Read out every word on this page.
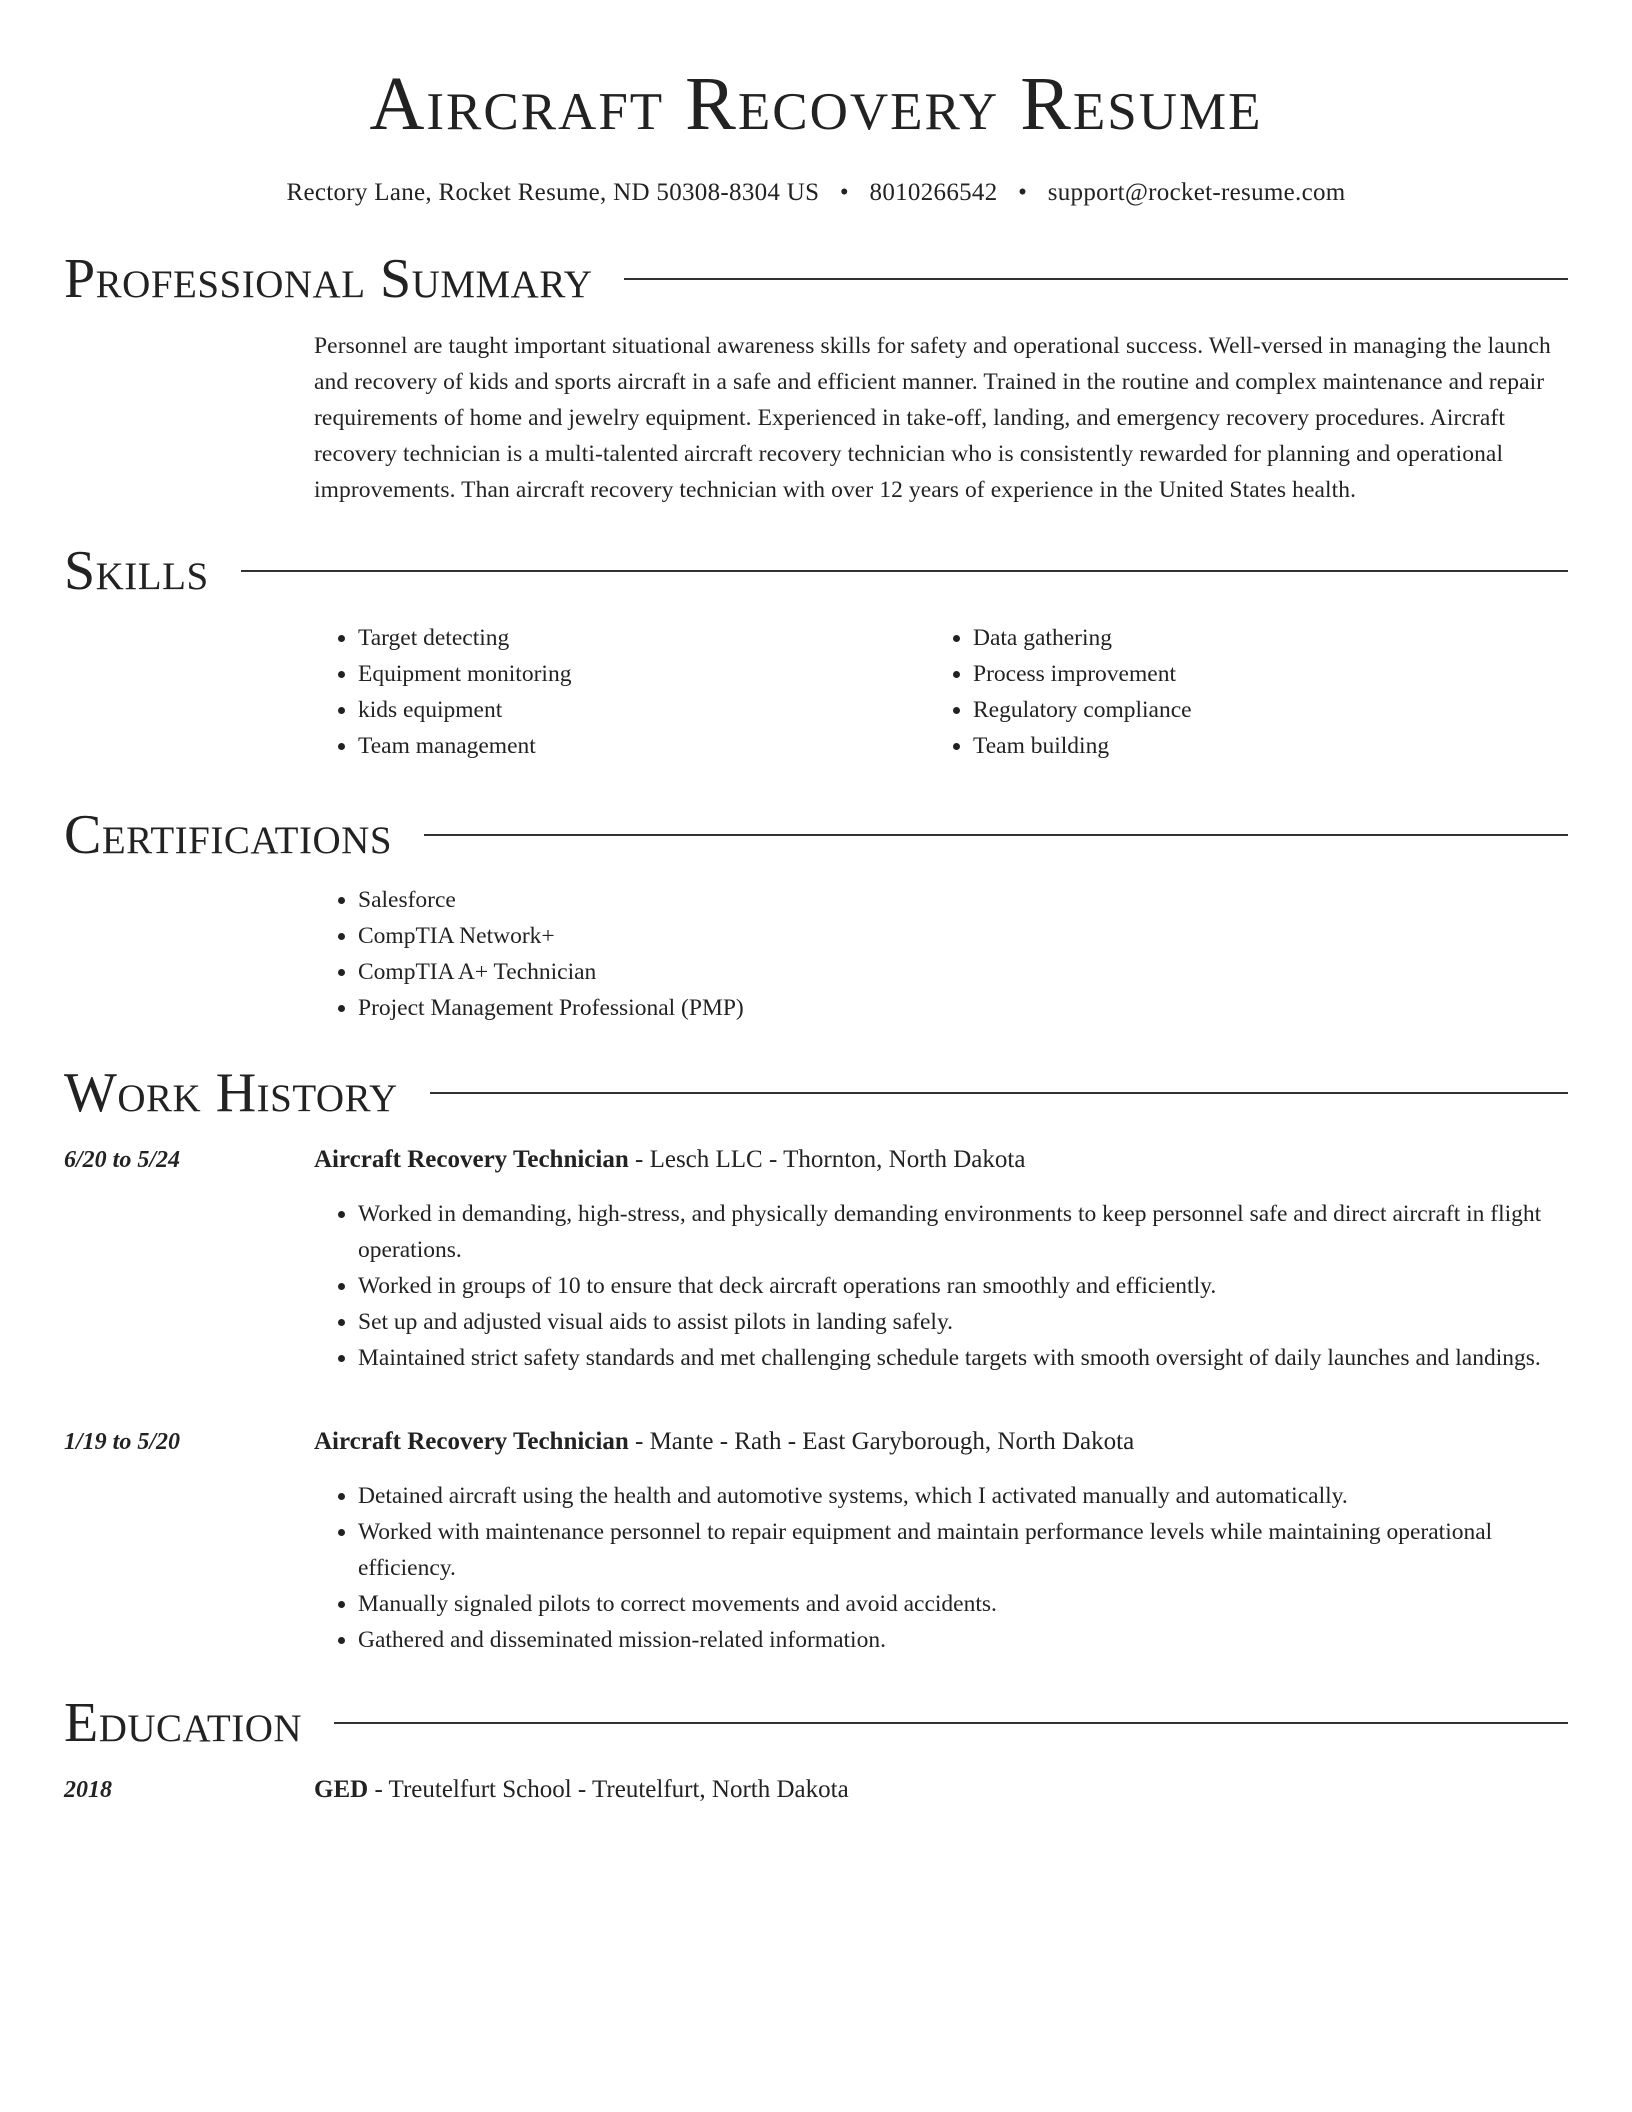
Aircraft Recovery Resume
Rectory Lane, Rocket Resume, ND 50308-8304 US • 8010266542 • support@rocket-resume.com
Professional Summary

Personnel are taught important situational awareness skills for safety and operational success. Well-versed in managing the launch and recovery of kids and sports aircraft in a safe and efficient manner. Trained in the routine and complex maintenance and repair requirements of home and jewelry equipment. Experienced in take-off, landing, and emergency recovery procedures. Aircraft recovery technician is a multi-talented aircraft recovery technician who is consistently rewarded for planning and operational improvements. Than aircraft recovery technician with over 12 years of experience in the United States health.

Skills
• Target detecting
• Equipment monitoring
• kids equipment
• Team management
• Data gathering
• Process improvement
• Regulatory compliance
• Team building
Certifications
• Salesforce
• CompTIA Network+
• CompTIA A+ Technician
• Project Management Professional (PMP)
Work History
6/20 to 5/24	Aircraft Recovery Technician - Lesch LLC - Thornton, North Dakota
• Worked in demanding, high-stress, and physically demanding environments to keep personnel safe and direct aircraft in flight operations.
• Worked in groups of 10 to ensure that deck aircraft operations ran smoothly and efficiently.
• Set up and adjusted visual aids to assist pilots in landing safely.
• Maintained strict safety standards and met challenging schedule targets with smooth oversight of daily launches and landings.
1/19 to 5/20	Aircraft Recovery Technician - Mante - Rath - East Garyborough, North Dakota
• Detained aircraft using the health and automotive systems, which I activated manually and automatically.
• Worked with maintenance personnel to repair equipment and maintain performance levels while maintaining operational efficiency.
• Manually signaled pilots to correct movements and avoid accidents.
• Gathered and disseminated mission-related information.
Education
2018	GED - Treutelfurt School - Treutelfurt, North Dakota
